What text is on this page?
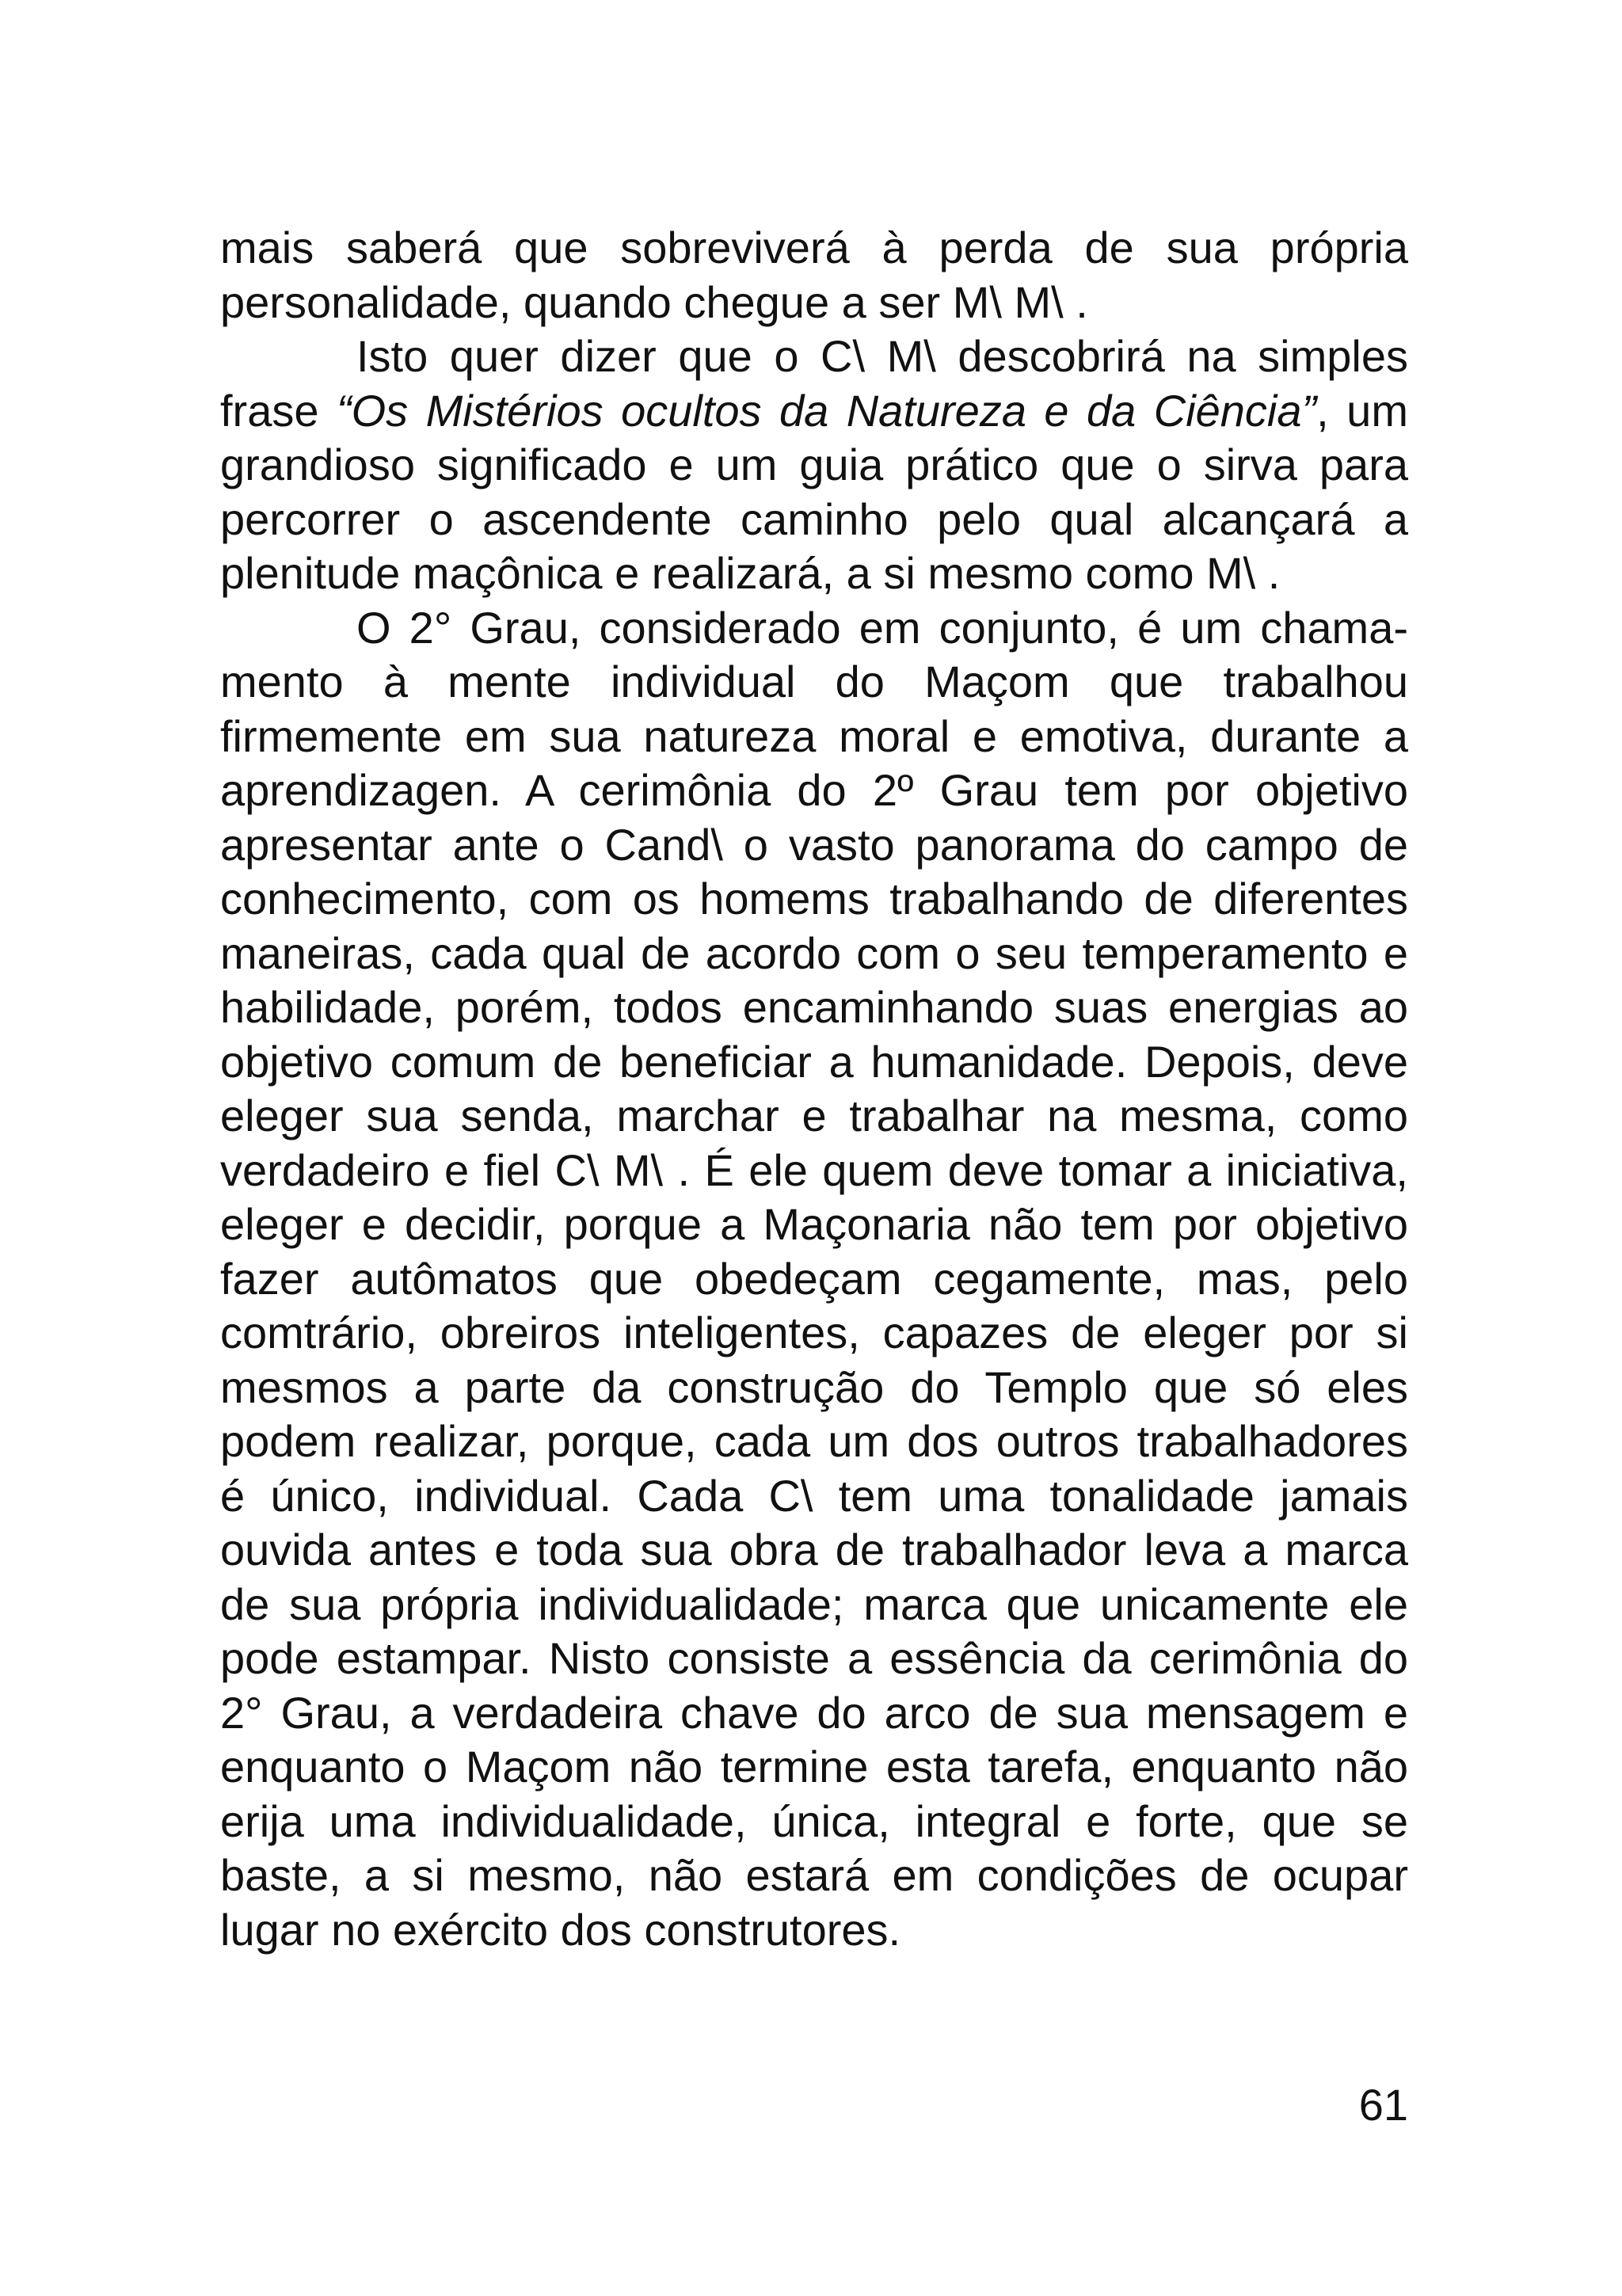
mais saberá que sobreviverá à perda de sua própria personalidade, quando chegue a ser M\ M\ .

Isto quer dizer que o C\ M\ descobrirá na simples frase “Os Mistérios ocultos da Natureza e da Ciência”, um grandioso significado e um guia prático que o sirva para percorrer o ascendente caminho pelo qual alcançará a plenitude maçônica e realizará, a si mesmo como M\ .

O 2° Grau, considerado em conjunto, é um chamamento à mente individual do Maçom que trabalhou firmemente em sua natureza moral e emotiva, durante a aprendizagen. A cerimônia do 2º Grau tem por objetivo apresentar ante o Cand\ o vasto panorama do campo de conhecimento, com os homems trabalhando de diferentes maneiras, cada qual de acordo com o seu temperamento e habilidade, porém, todos encaminhando suas energias ao objetivo comum de beneficiar a humanidade. Depois, deve eleger sua senda, marchar e trabalhar na mesma, como verdadeiro e fiel C\ M\ . É ele quem deve tomar a iniciativa, eleger e decidir, porque a Maçonaria não tem por objetivo fazer autômatos que obedeçam cegamente, mas, pelo comtrário, obreiros inteligentes, capazes de eleger por si mesmos a parte da construção do Templo que só eles podem realizar, porque, cada um dos outros trabalhadores é único, individual. Cada C\ tem uma tonalidade jamais ouvida antes e toda sua obra de trabalhador leva a marca de sua própria individualidade; marca que unicamente ele pode estampar. Nisto consiste a essência da cerimônia do 2° Grau, a verdadeira chave do arco de sua mensagem e enquanto o Maçom não termine esta tarefa, enquanto não erija uma individualidade, única, integral e forte, que se baste, a si mesmo, não estará em condições de ocupar lugar no exército dos construtores.

61
